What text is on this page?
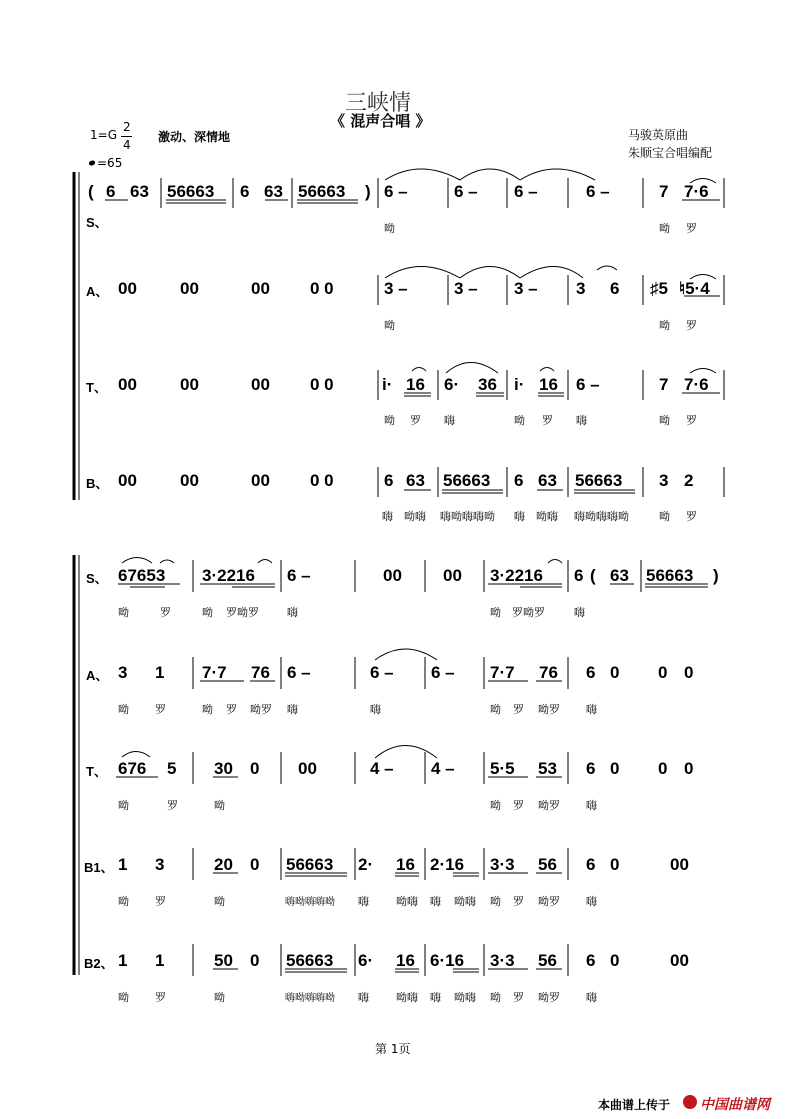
三峡情
《 混声合唱 》
1=G
2
4
激动、深情地
=65
马骏英原曲
朱顺宝合唱编配
S、
( 6 63 56663 6 63 56663 ) 6 –	6 – 6 –	6 –	7 7·6
呦	呦 罗
A、 00	00	00 0 0	3 –	3 – 3 – 3 6 ♯5 ♮5·4
呦	呦 罗
T、 00	00	00 0 0	i· 16 6· 36 i· 16 6 –	7 7·6
呦 罗 嗨	呦 罗 嗨	呦 罗
B、 00	00	00 0 0	6 63 56663 6 63 56663 3 2
嗨 呦嗨 嗨呦嗨嗨呦 嗨 呦嗨 嗨呦嗨嗨呦	呦 罗
S、 67653 3·2216 6 –	00 00 3·2216 6 ( 63 56663 )
呦	罗	呦 罗呦罗	嗨	呦 罗呦罗	嗨
A、 3 1 7·7 76 6 –	6 – 6 – 7·7 76 6 0 0 0
呦 罗	呦 罗 呦罗 嗨	嗨	呦 罗 呦罗 嗨
T、 676 5 30 0 00	4 – 4 – 5·5 53 6 0 0 0
呦	罗	呦	呦 罗 呦罗 嗨
B1、 1 3	20 0 56663 2· 16 2·16 3·3 56 6 0	00
呦 罗	呦	嗨呦嗨嗨呦 嗨 呦嗨 嗨 呦嗨 呦 罗 呦罗 嗨
B2、 1 1	50 0 56663 6· 16 6·16 3·3 56 6 0	00
呦 罗	呦	嗨呦嗨嗨呦 嗨 呦嗨 嗨 呦嗨 呦 罗 呦罗 嗨
第 1页
本曲谱上传于 中国曲谱网
